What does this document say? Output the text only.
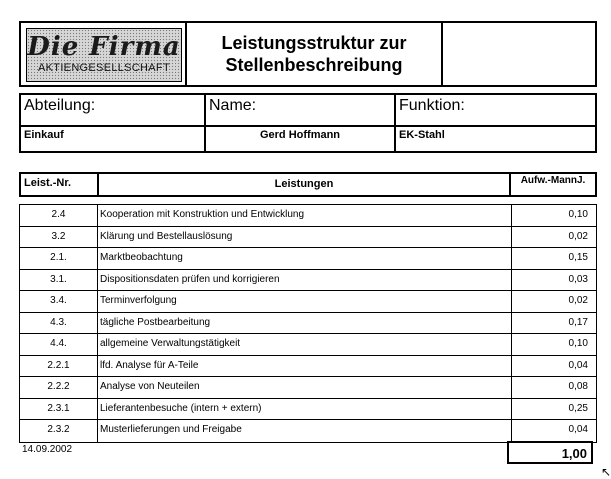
Die Firma
AKTIENGESELLSCHAFT
Leistungsstruktur zur
Stellenbeschreibung
Abteilung:	Name:	Funktion:
Einkauf	Gerd Hoffmann	EK-Stahl
Leist.-Nr.	Leistungen	Aufw.-MannJ.
2.4	Kooperation mit Konstruktion und Entwicklung	0,10
3.2	Klärung und Bestellauslösung	0,02
2.1.	Marktbeobachtung	0,15
3.1.	Dispositionsdaten prüfen und korrigieren	0,03
3.4.	Terminverfolgung	0,02
4.3.	tägliche Postbearbeitung	0,17
4.4.	allgemeine Verwaltungstätigkeit	0,10
2.2.1	lfd. Analyse für A-Teile	0,04
2.2.2	Analyse von Neuteilen	0,08
2.3.1	Lieferantenbesuche (intern + extern)	0,25
2.3.2	Musterlieferungen und Freigabe	0,04
14.09.2002	1,00
↖
